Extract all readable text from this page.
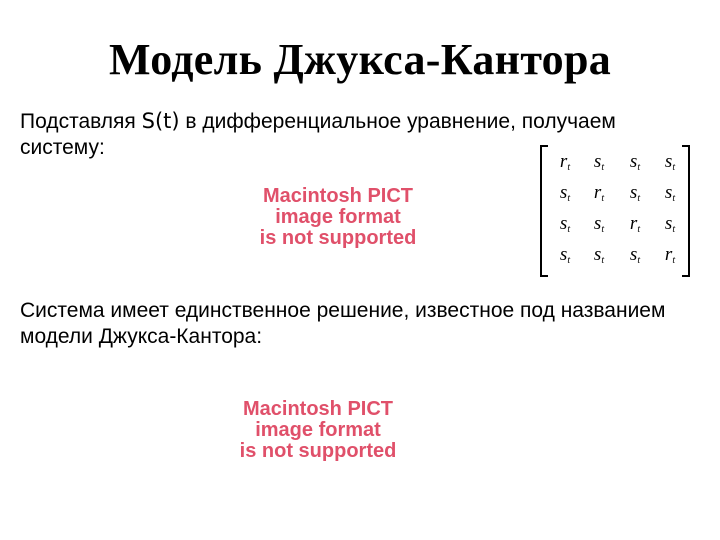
Модель Джукса-Кантора
Подставляя S(t) в дифференциальное уравнение, получаем систему:
Macintosh PICT
image format
is not supported
$r_t$	$s_t$	$s_t$	$s_t$
$s_t$	$r_t$	$s_t$	$s_t$
$s_t$	$s_t$	$r_t$	$s_t$
$s_t$	$s_t$	$s_t$	$r_t$
Система имеет единственное решение, известное под названием модели Джукса-Кантора:
Macintosh PICT
image format
is not supported
